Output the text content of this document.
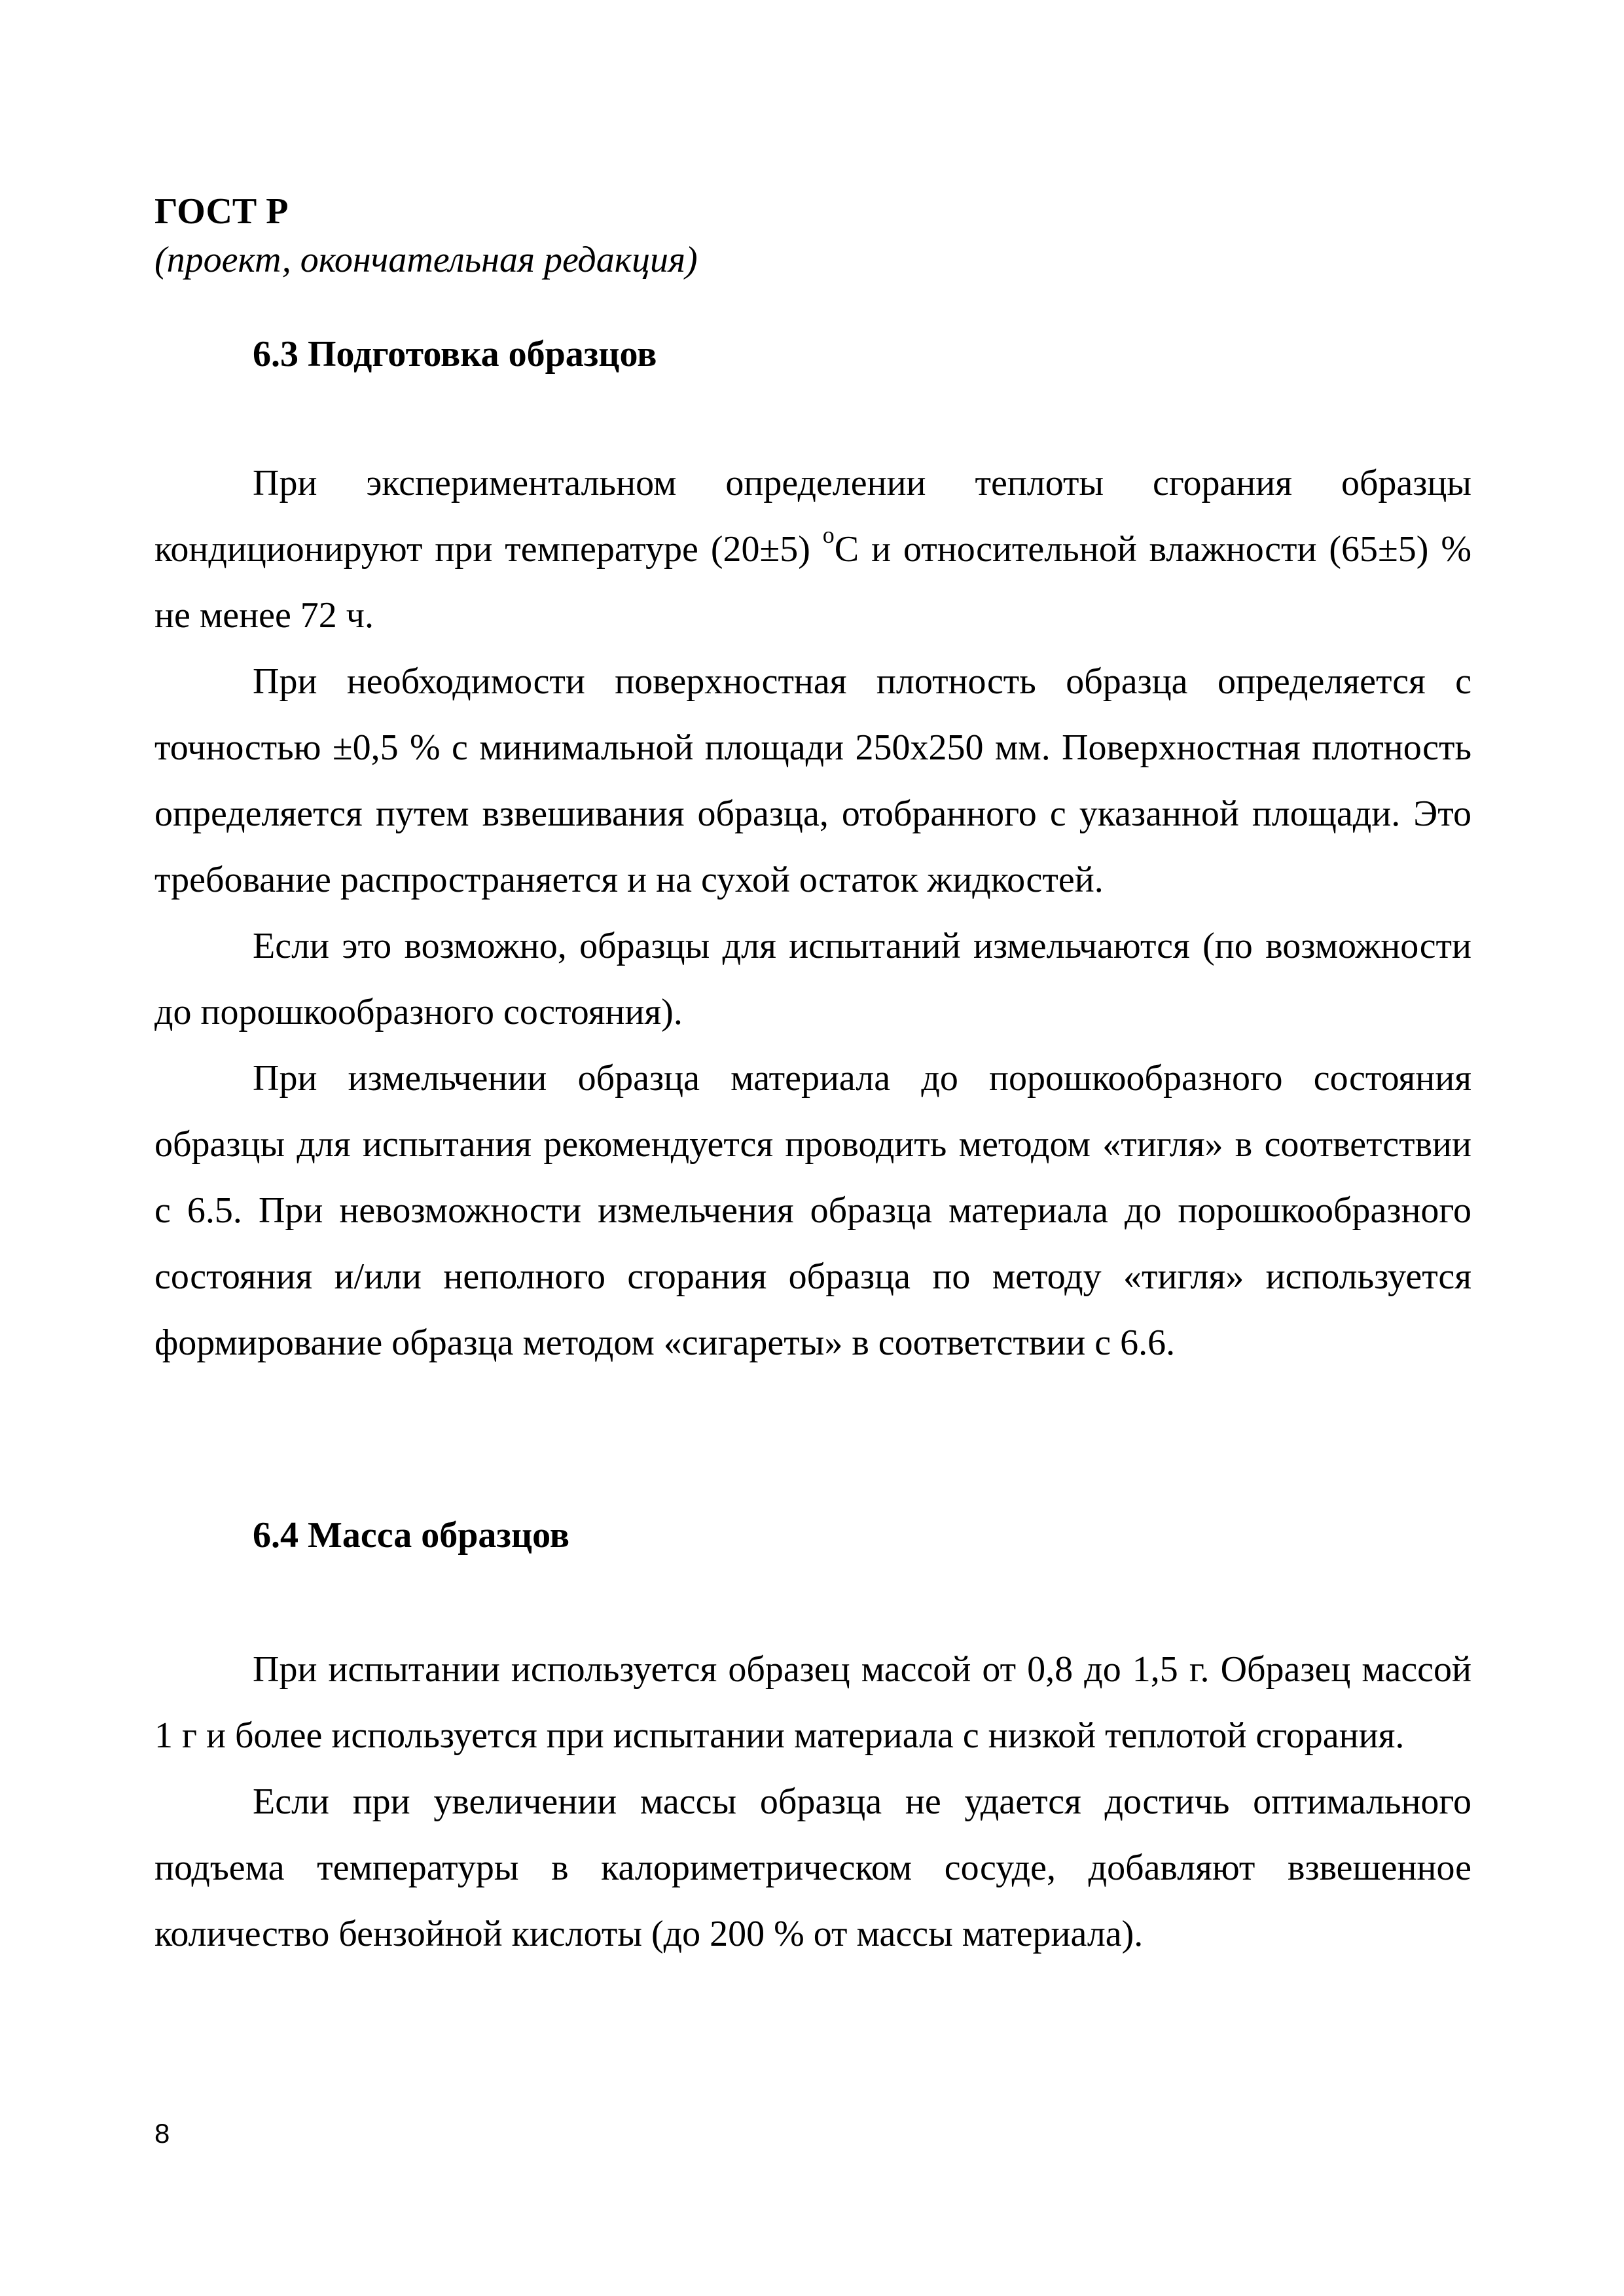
ГОСТ Р
(проект, окончательная редакция)
6.3 Подготовка образцов

При экспериментальном определении теплоты сгорания образцы кондиционируют при температуре (20±5) $^о$С и относительной влажности (65±5) % не менее 72 ч.

При необходимости поверхностная плотность образца определяется с точностью ±0,5 % с минимальной площади 250х250 мм. Поверхностная плотность определяется путем взвешивания образца, отобранного с указанной площади. Это требование распространяется и на сухой остаток жидкостей.

Если это возможно, образцы для испытаний измельчаются (по возможности до порошкообразного состояния).

При измельчении образца материала до порошкообразного состояния образцы для испытания рекомендуется проводить методом «тигля» в соответствии с 6.5. При невозможности измельчения образца материала до порошкообразного состояния и/или неполного сгорания образца по методу «тигля» используется формирование образца методом «сигареты» в соответствии с 6.6.

6.4 Масса образцов

При испытании используется образец массой от 0,8 до 1,5 г. Образец массой 1 г и более используется при испытании материала с низкой теплотой сгорания.

Если при увеличении массы образца не удается достичь оптимального подъема температуры в калориметрическом сосуде, добавляют взвешенное количество бензойной кислоты (до 200 % от массы материала).

8
